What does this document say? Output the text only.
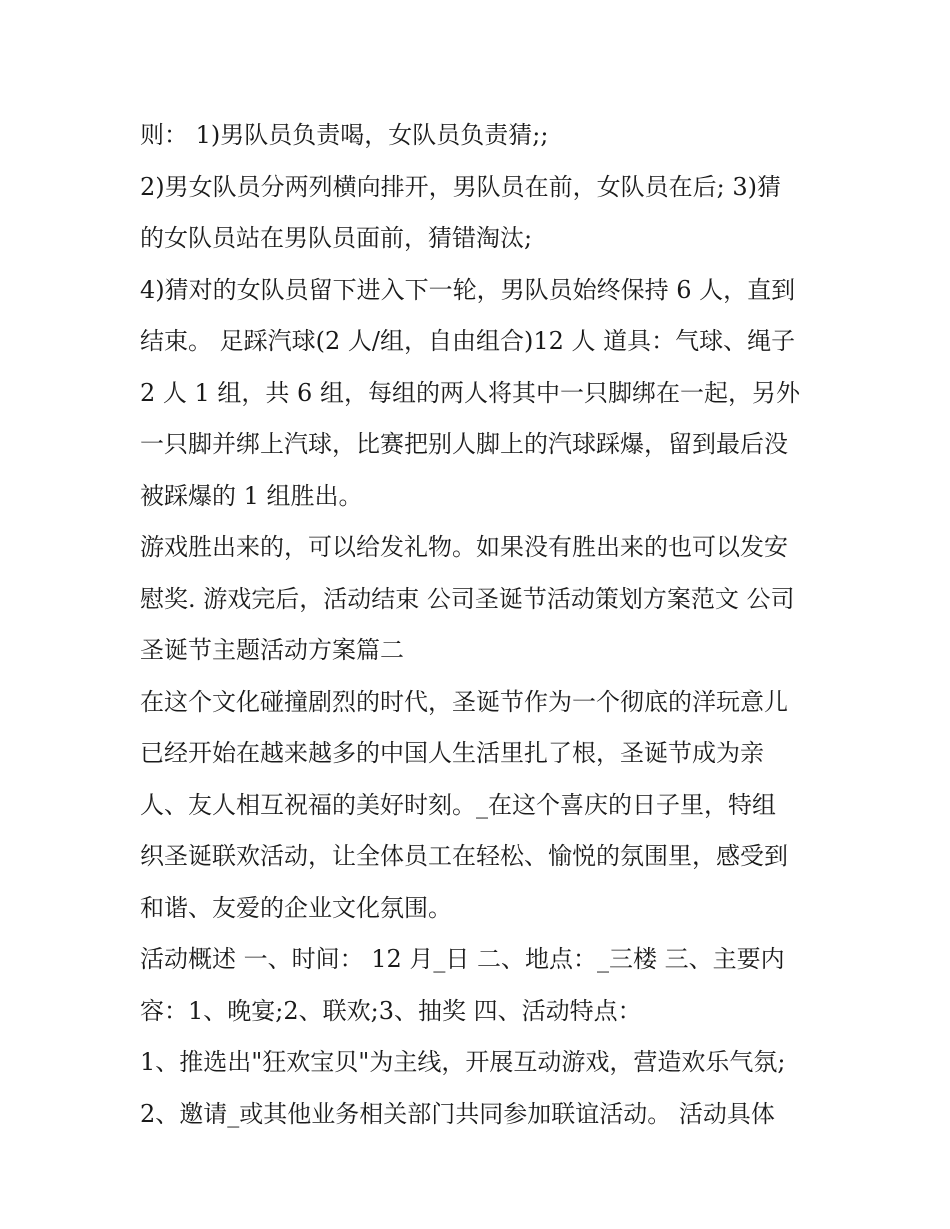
则： 1)男队员负责喝，女队员负责猜;;
2)男女队员分两列横向排开，男队员在前，女队员在后; 3)猜
的女队员站在男队员面前，猜错淘汰;
4)猜对的女队员留下进入下一轮，男队员始终保持 6 人，直到
结束。 足踩汽球(2 人/组，自由组合)12 人 道具：气球、绳子
2 人 1 组，共 6 组，每组的两人将其中一只脚绑在一起，另外
一只脚并绑上汽球，比赛把别人脚上的汽球踩爆，留到最后没
被踩爆的 1 组胜出。
游戏胜出来的，可以给发礼物。如果没有胜出来的也可以发安
慰奖. 游戏完后，活动结束 公司圣诞节活动策划方案范文 公司
圣诞节主题活动方案篇二
在这个文化碰撞剧烈的时代，圣诞节作为一个彻底的洋玩意儿
已经开始在越来越多的中国人生活里扎了根，圣诞节成为亲
人、友人相互祝福的美好时刻。_在这个喜庆的日子里，特组
织圣诞联欢活动，让全体员工在轻松、愉悦的氛围里，感受到
和谐、友爱的企业文化氛围。
活动概述 一、时间： 12 月_日 二、地点：_三楼 三、主要内
容：1、晚宴;2、联欢;3、抽奖 四、活动特点：
1、推选出"狂欢宝贝"为主线，开展互动游戏，营造欢乐气氛;
2、邀请_或其他业务相关部门共同参加联谊活动。 活动具体
